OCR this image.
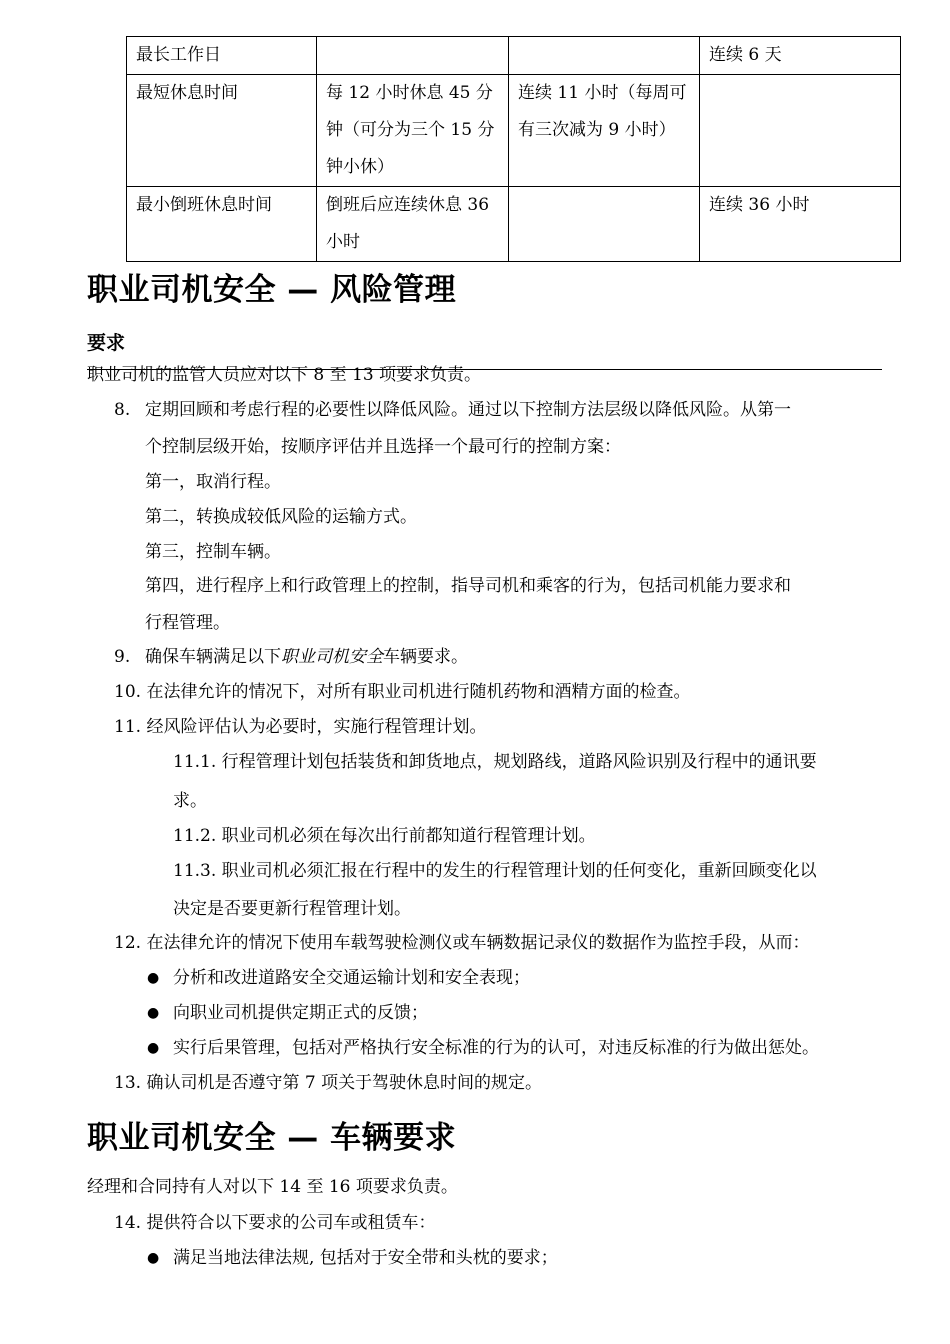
最长工作日			连续 6 天
最短休息时间	每 12 小时休息 45 分钟（可分为三个 15 分钟小休）	连续 11 小时（每周可有三次减为 9 小时）	
最小倒班休息时间	倒班后应连续休息 36 小时		连续 36 小时
职业司机安全 — 风险管理
要求
职业司机的监管人员应对以下 8 至 13 项要求负责。
8. 定期回顾和考虑行程的必要性以降低风险。通过以下控制方法层级以降低风险。从第一
个控制层级开始，按顺序评估并且选择一个最可行的控制方案：
第一，取消行程。
第二，转换成较低风险的运输方式。
第三，控制车辆。
第四，进行程序上和行政管理上的控制，指导司机和乘客的行为，包括司机能力要求和
行程管理。
9. 确保车辆满足以下职业司机安全车辆要求。
10. 在法律允许的情况下，对所有职业司机进行随机药物和酒精方面的检查。
11. 经风险评估认为必要时，实施行程管理计划。
11.1. 行程管理计划包括装货和卸货地点，规划路线，道路风险识别及行程中的通讯要
求。
11.2. 职业司机必须在每次出行前都知道行程管理计划。
11.3. 职业司机必须汇报在行程中的发生的行程管理计划的任何变化，重新回顾变化以
决定是否要更新行程管理计划。
12. 在法律允许的情况下使用车载驾驶检测仪或车辆数据记录仪的数据作为监控手段，从而：
● 分析和改进道路安全交通运输计划和安全表现；
● 向职业司机提供定期正式的反馈；
● 实行后果管理，包括对严格执行安全标准的行为的认可，对违反标准的行为做出惩处。
13. 确认司机是否遵守第 7 项关于驾驶休息时间的规定。
职业司机安全 — 车辆要求
经理和合同持有人对以下 14 至 16 项要求负责。
14. 提供符合以下要求的公司车或租赁车：
● 满足当地法律法规, 包括对于安全带和头枕的要求；
